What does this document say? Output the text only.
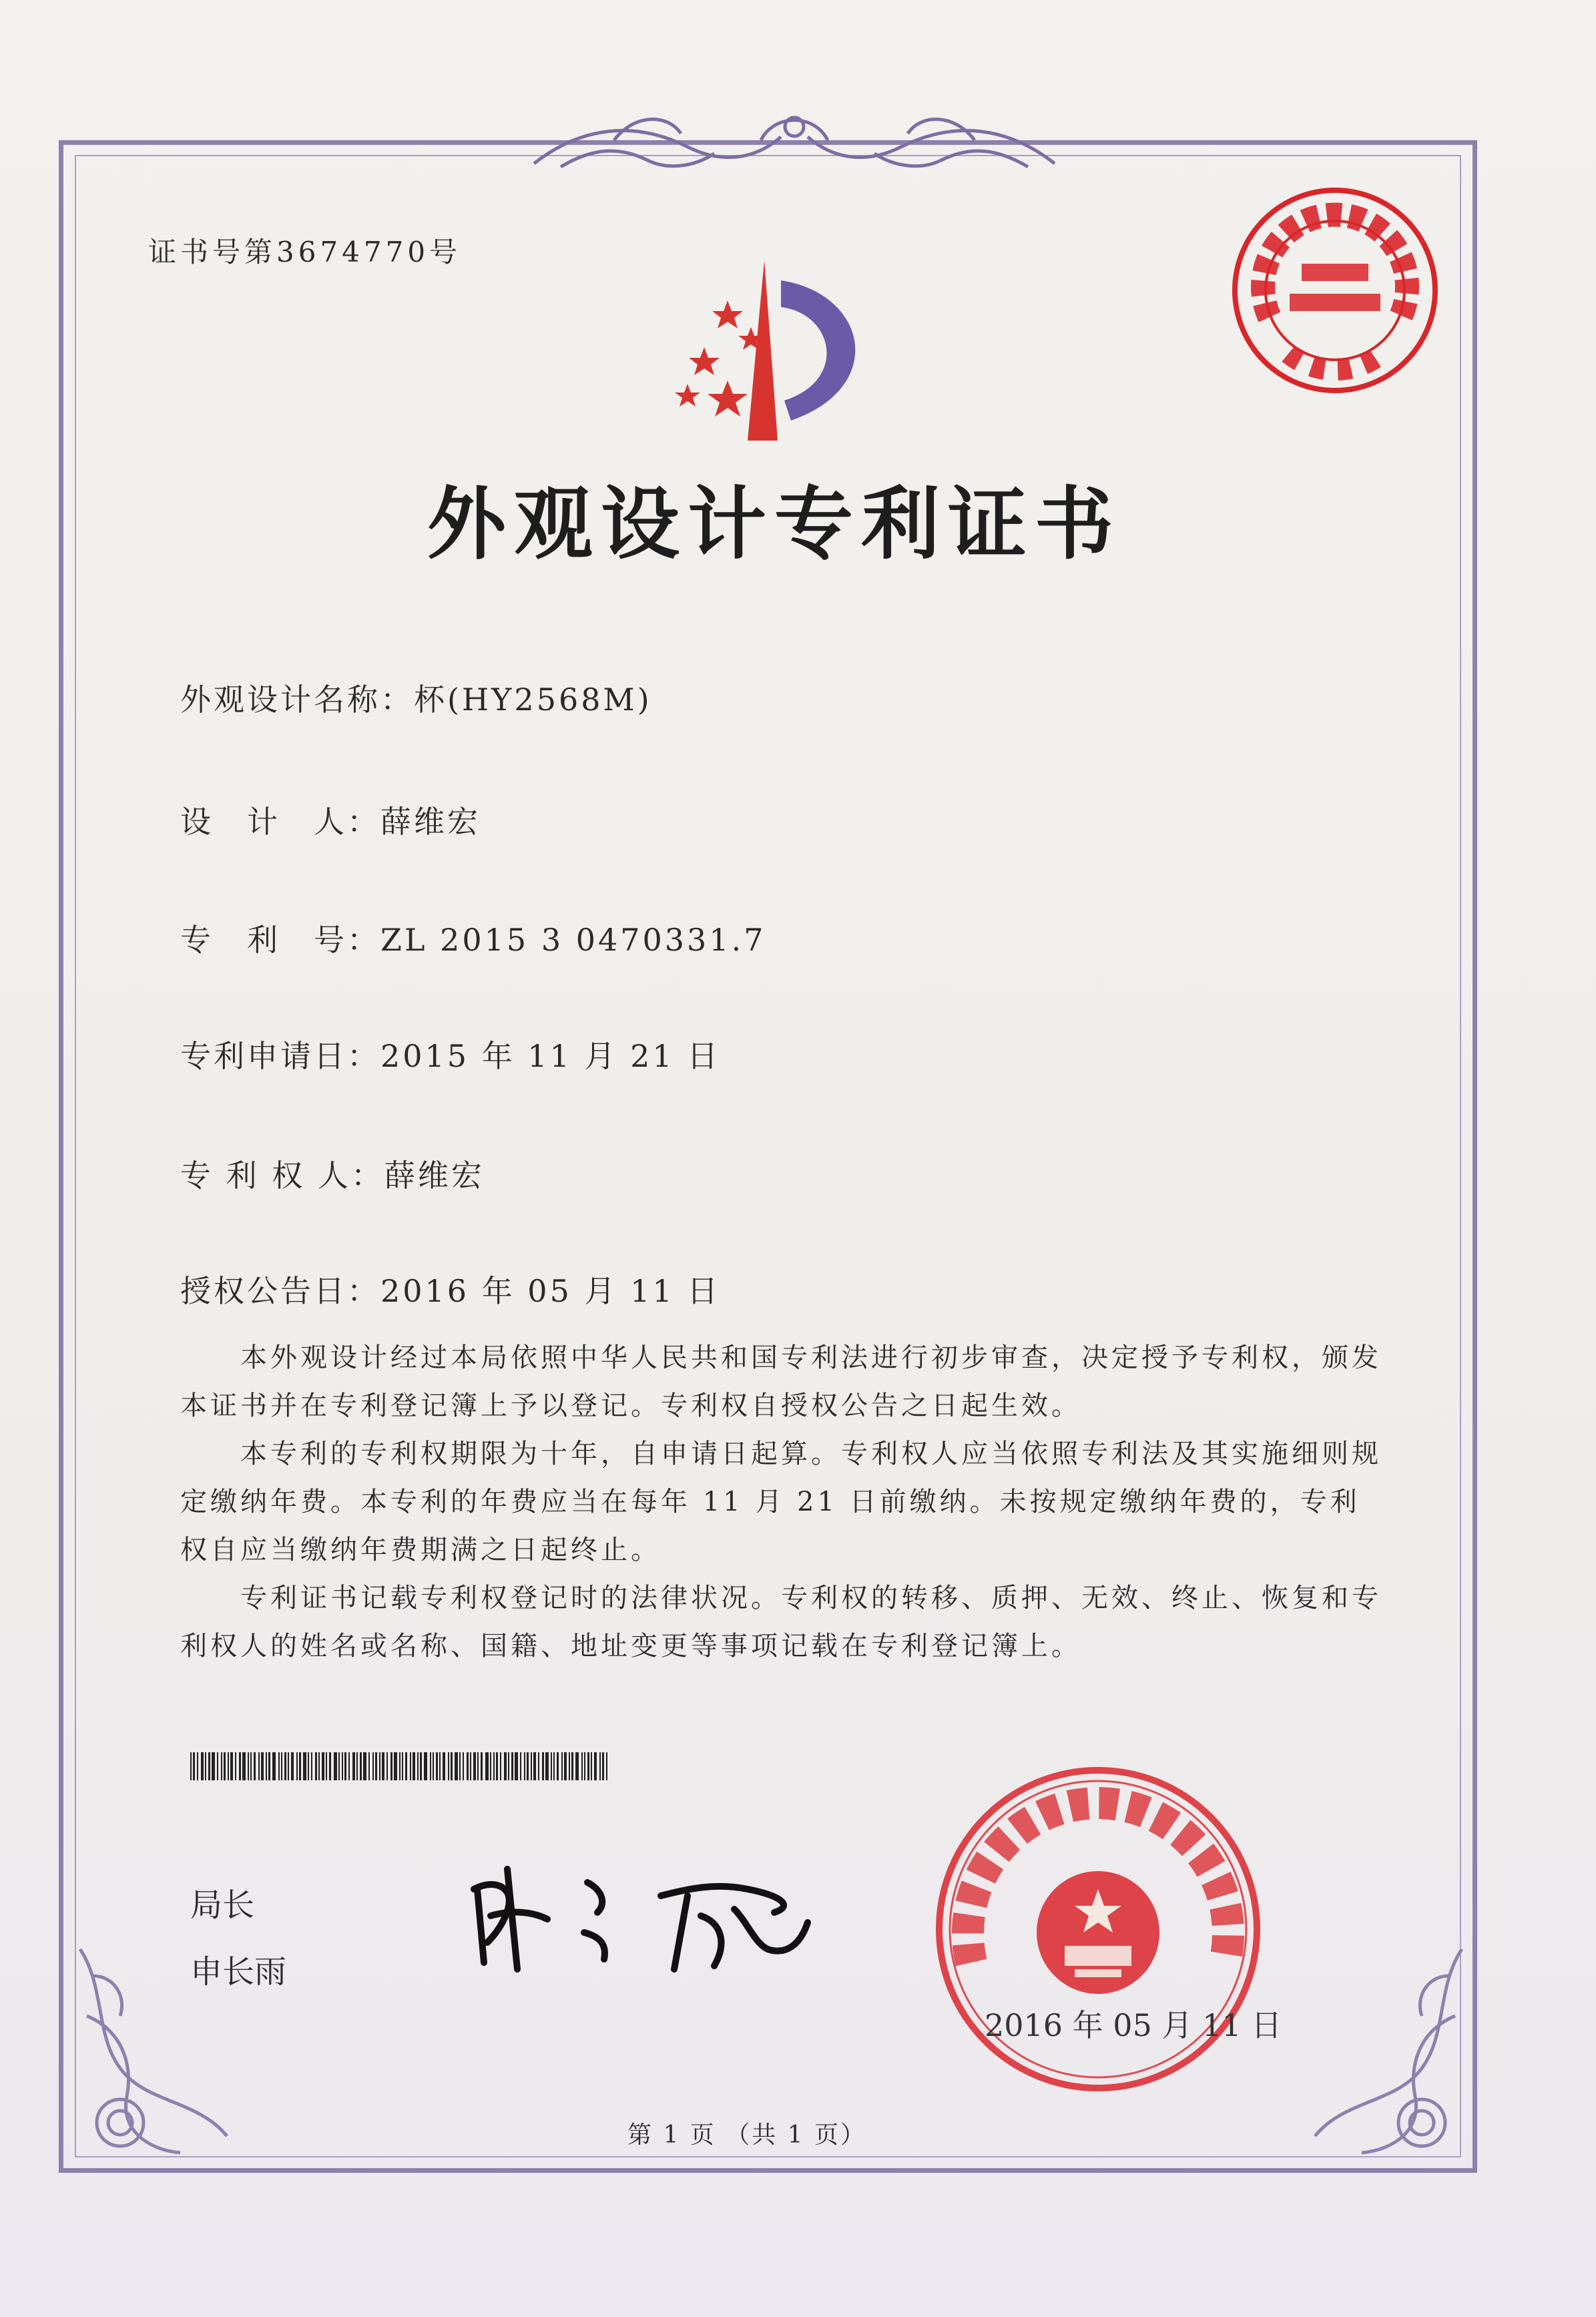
证书号第3674770号
外观设计专利证书
外观设计名称：杯(HY2568M)
设　计　人：薛维宏
专　利　号：ZL 2015 3 0470331.7
专利申请日：2015 年 11 月 21 日
专 利 权 人：薛维宏
授权公告日：2016 年 05 月 11 日

本外观设计经过本局依照中华人民共和国专利法进行初步审查，决定授予专利权，颁发本证书并在专利登记簿上予以登记。专利权自授权公告之日起生效。

本专利的专利权期限为十年，自申请日起算。专利权人应当依照专利法及其实施细则规定缴纳年费。本专利的年费应当在每年 11 月 21 日前缴纳。未按规定缴纳年费的，专利权自应当缴纳年费期满之日起终止。

专利证书记载专利权登记时的法律状况。专利权的转移、质押、无效、终止、恢复和专利权人的姓名或名称、国籍、地址变更等事项记载在专利登记簿上。

局长
申长雨
2016 年 05 月 11 日
第 1 页 （共 1 页）
